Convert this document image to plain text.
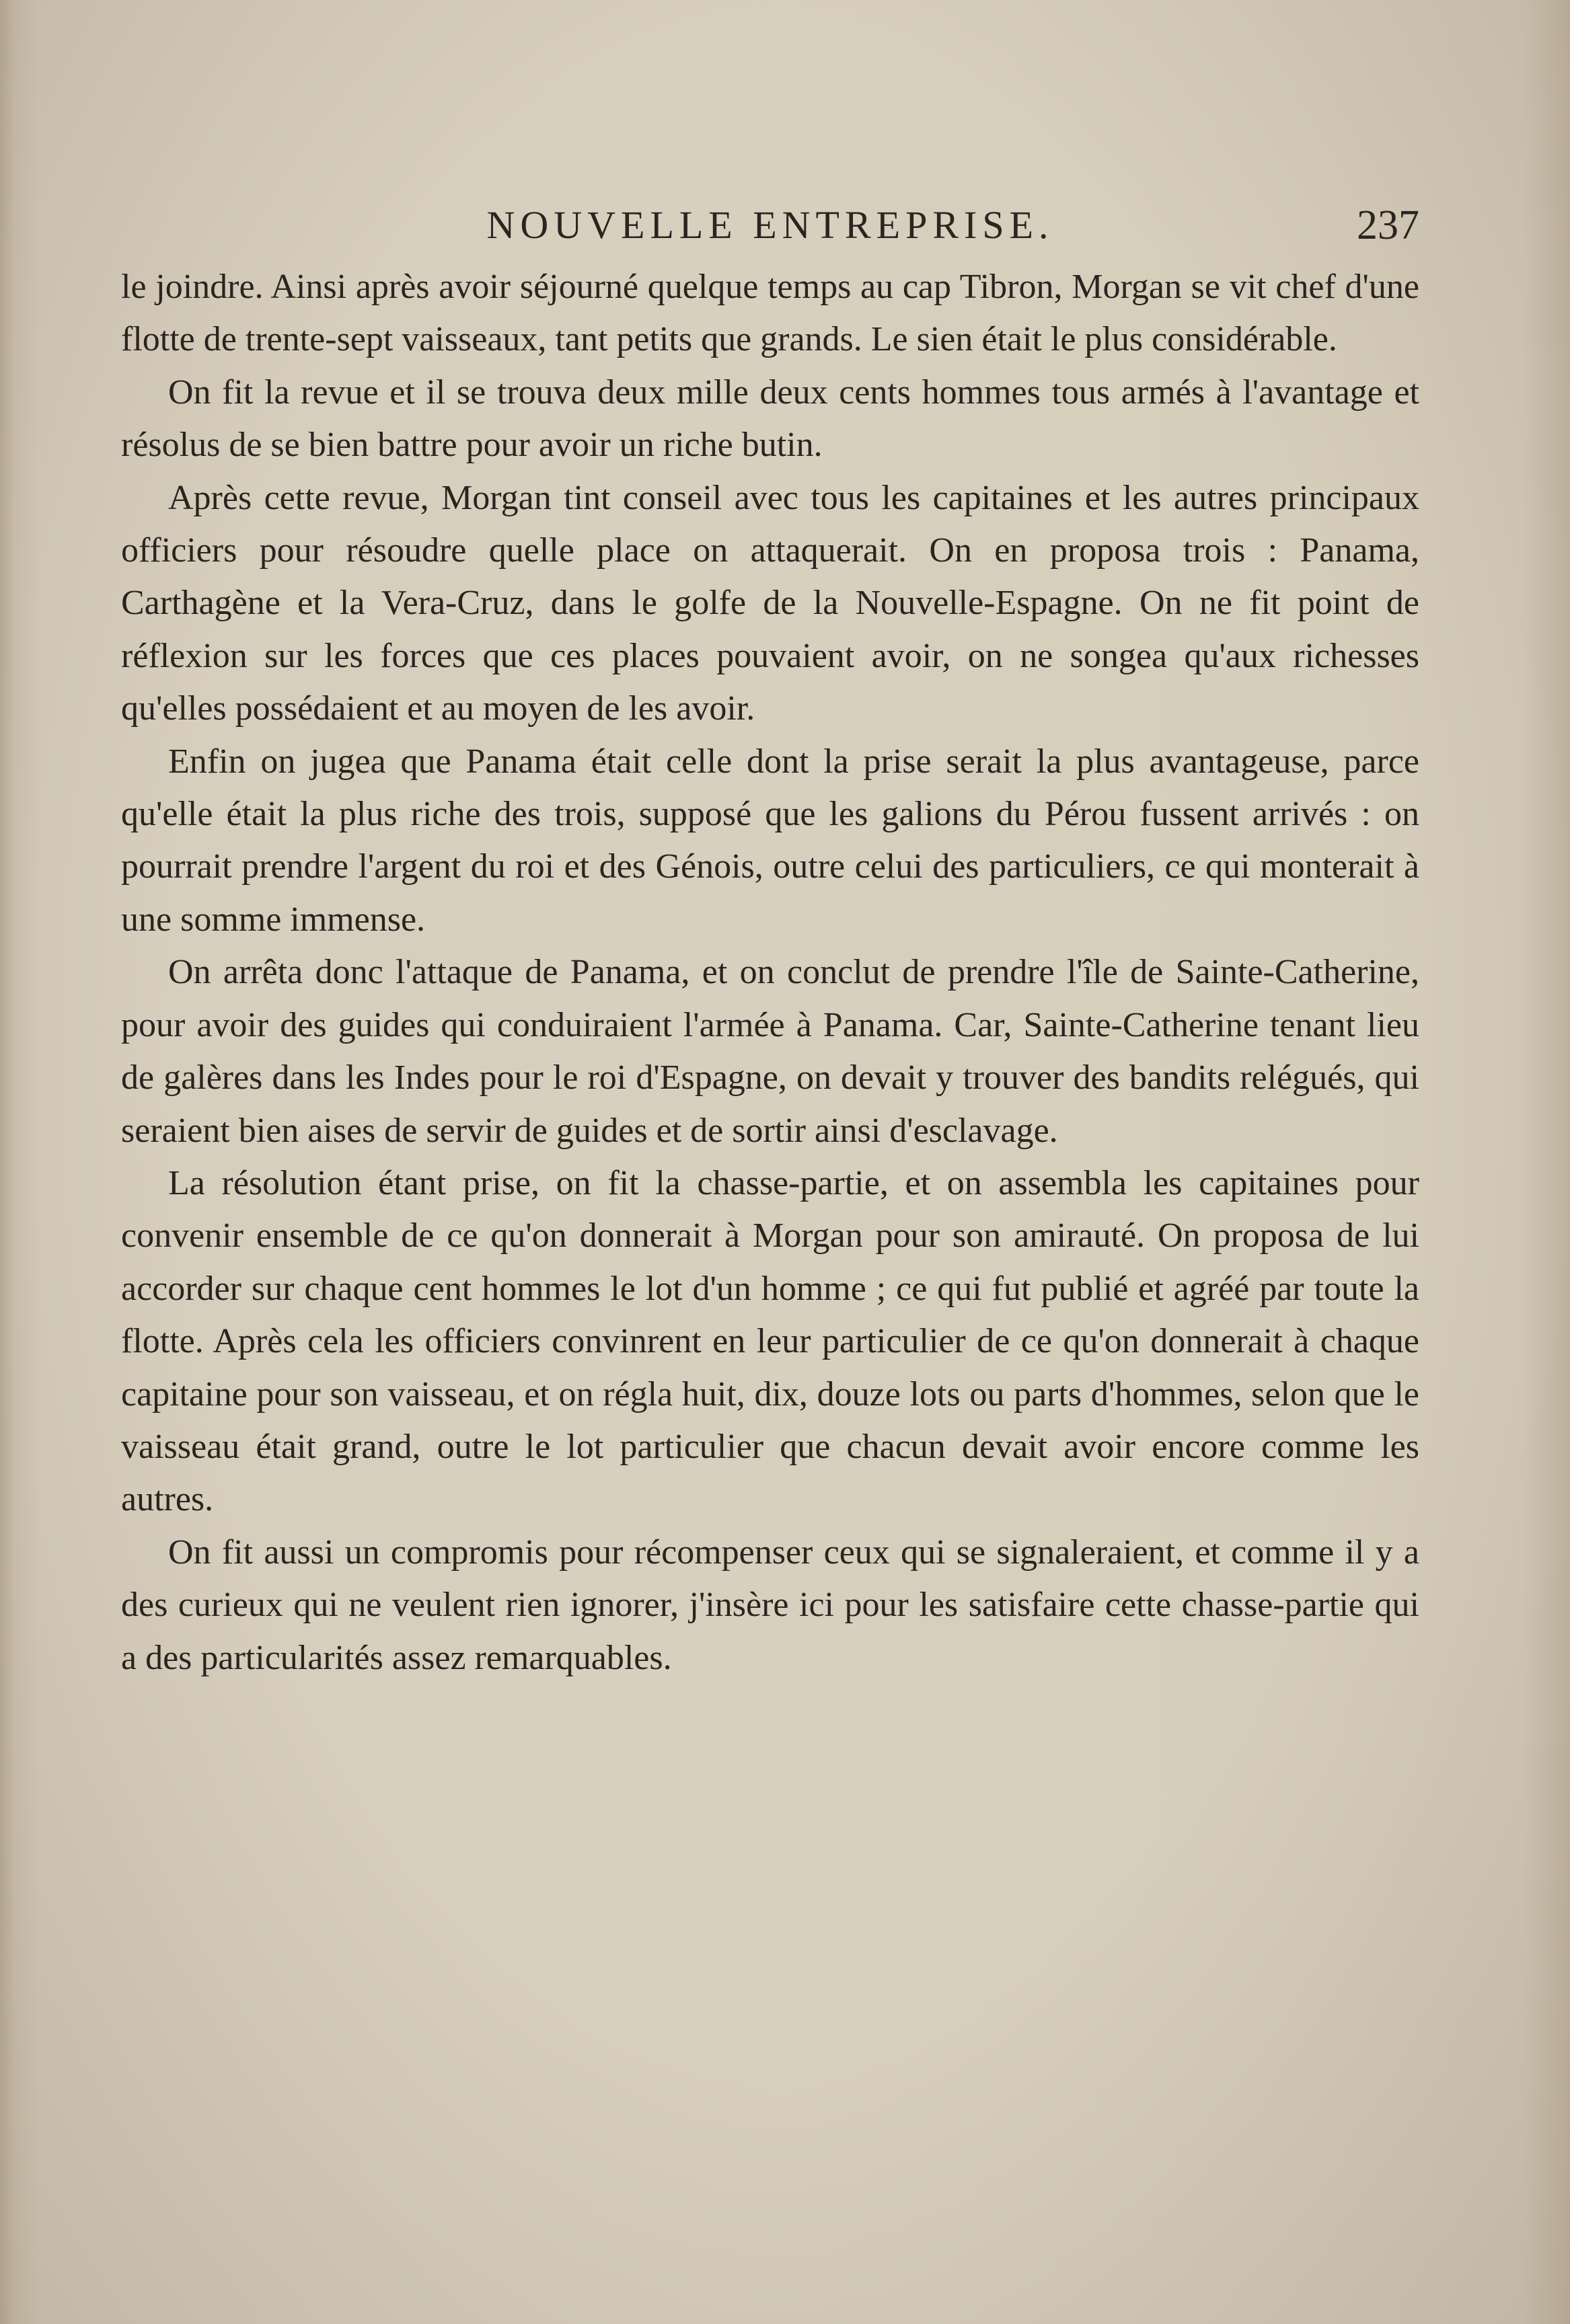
NOUVELLE ENTREPRISE.	237

le joindre. Ainsi après avoir séjourné quelque temps au cap Tibron, Morgan se vit chef d'une flotte de trente-sept vaisseaux, tant petits que grands. Le sien était le plus considérable.

On fit la revue et il se trouva deux mille deux cents hommes tous armés à l'avantage et résolus de se bien battre pour avoir un riche butin.

Après cette revue, Morgan tint conseil avec tous les capitaines et les autres principaux officiers pour résoudre quelle place on attaquerait. On en proposa trois : Panama, Carthagène et la Vera-Cruz, dans le golfe de la Nouvelle-Espagne. On ne fit point de réflexion sur les forces que ces places pouvaient avoir, on ne songea qu'aux richesses qu'elles possédaient et au moyen de les avoir.

Enfin on jugea que Panama était celle dont la prise serait la plus avantageuse, parce qu'elle était la plus riche des trois, supposé que les galions du Pérou fussent arrivés : on pourrait prendre l'argent du roi et des Génois, outre celui des particuliers, ce qui monterait à une somme immense.

On arrêta donc l'attaque de Panama, et on conclut de prendre l'île de Sainte-Catherine, pour avoir des guides qui conduiraient l'armée à Panama. Car, Sainte-Catherine tenant lieu de galères dans les Indes pour le roi d'Espagne, on devait y trouver des bandits relégués, qui seraient bien aises de servir de guides et de sortir ainsi d'esclavage.

La résolution étant prise, on fit la chasse-partie, et on assembla les capitaines pour convenir ensemble de ce qu'on donnerait à Morgan pour son amirauté. On proposa de lui accorder sur chaque cent hommes le lot d'un homme ; ce qui fut publié et agréé par toute la flotte. Après cela les officiers convinrent en leur particulier de ce qu'on donnerait à chaque capitaine pour son vaisseau, et on régla huit, dix, douze lots ou parts d'hommes, selon que le vaisseau était grand, outre le lot particulier que chacun devait avoir encore comme les autres.

On fit aussi un compromis pour récompenser ceux qui se signaleraient, et comme il y a des curieux qui ne veulent rien ignorer, j'insère ici pour les satisfaire cette chasse-partie qui a des particularités assez remarquables.
